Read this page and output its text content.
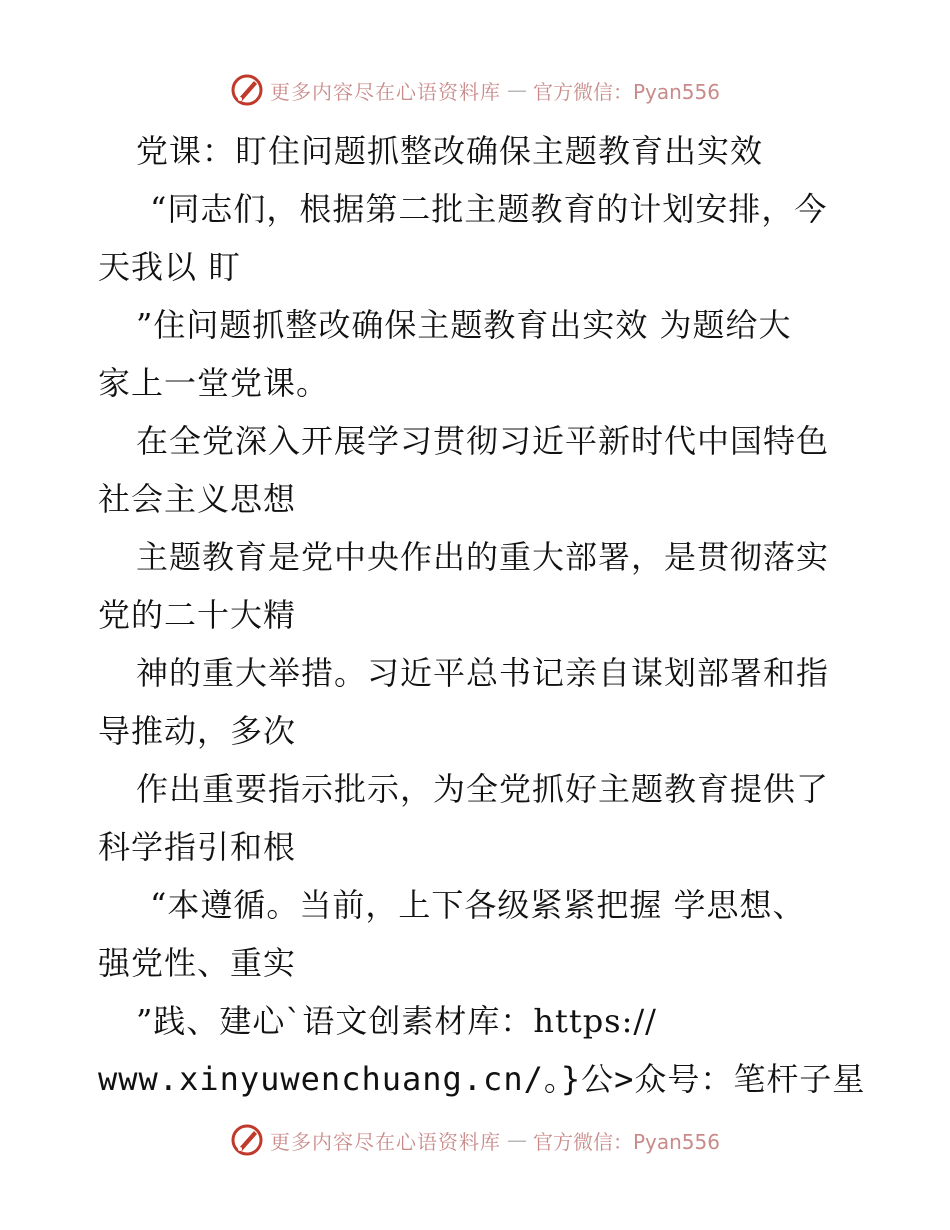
更多内容尽在心语资料库 — 官方微信：Pyan556
党课：盯住问题抓整改确保主题教育出实效
“同志们，根据第二批主题教育的计划安排，今
天我以 盯
”住问题抓整改确保主题教育出实效 为题给大
家上一堂党课。
在全党深入开展学习贯彻习近平新时代中国特色
社会主义思想
主题教育是党中央作出的重大部署，是贯彻落实
党的二十大精
神的重大举措。习近平总书记亲自谋划部署和指
导推动，多次
作出重要指示批示，为全党抓好主题教育提供了
科学指引和根
“本遵循。当前，上下各级紧紧把握 学思想、
强党性、重实
”践、建心`语文创素材库：https://
www.xinyuwenchuang.cn/。}公>众号：笔杆子星
更多内容尽在心语资料库 — 官方微信：Pyan556
